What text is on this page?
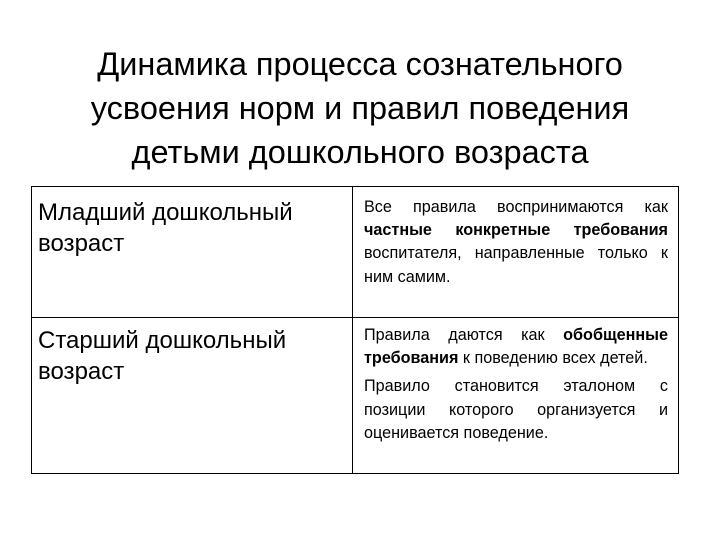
Динамика процесса сознательного
усвоения норм и правил поведения
детьми дошкольного возраста
Младший дошкольный возраст

Все правила воспринимаются как частные конкретные требования воспитателя, направленные только к ним самим.

Старший дошкольный возраст

Правила даются как обобщенные требования к поведению всех детей.

Правило становится эталоном с позиции которого организуется и оценивается поведение.
